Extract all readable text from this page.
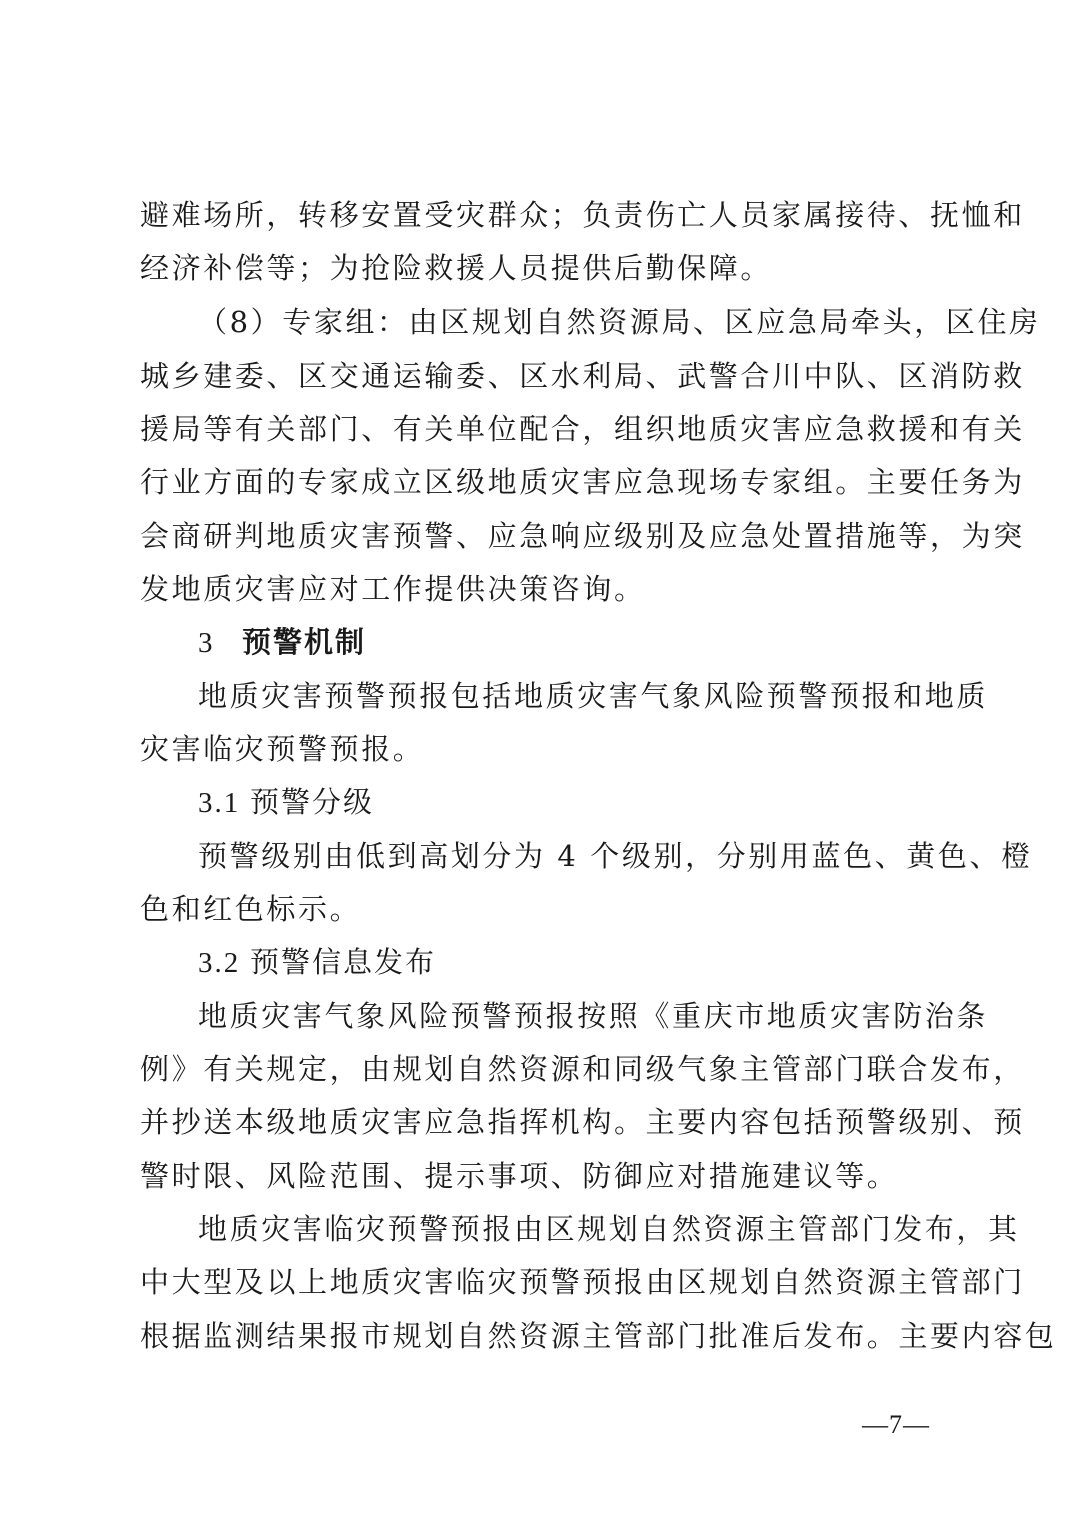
避难场所，转移安置受灾群众；负责伤亡人员家属接待、抚恤和
经济补偿等；为抢险救援人员提供后勤保障。
（8）专家组：由区规划自然资源局、区应急局牵头，区住房
城乡建委、区交通运输委、区水利局、武警合川中队、区消防救
援局等有关部门、有关单位配合，组织地质灾害应急救援和有关
行业方面的专家成立区级地质灾害应急现场专家组。主要任务为
会商研判地质灾害预警、应急响应级别及应急处置措施等，为突
发地质灾害应对工作提供决策咨询。
3 预警机制
地质灾害预警预报包括地质灾害气象风险预警预报和地质
灾害临灾预警预报。
3.1 预警分级
预警级别由低到高划分为 4 个级别，分别用蓝色、黄色、橙
色和红色标示。
3.2 预警信息发布
地质灾害气象风险预警预报按照《重庆市地质灾害防治条
例》有关规定，由规划自然资源和同级气象主管部门联合发布，
并抄送本级地质灾害应急指挥机构。主要内容包括预警级别、预
警时限、风险范围、提示事项、防御应对措施建议等。
地质灾害临灾预警预报由区规划自然资源主管部门发布，其
中大型及以上地质灾害临灾预警预报由区规划自然资源主管部门
根据监测结果报市规划自然资源主管部门批准后发布。主要内容包
—7—
